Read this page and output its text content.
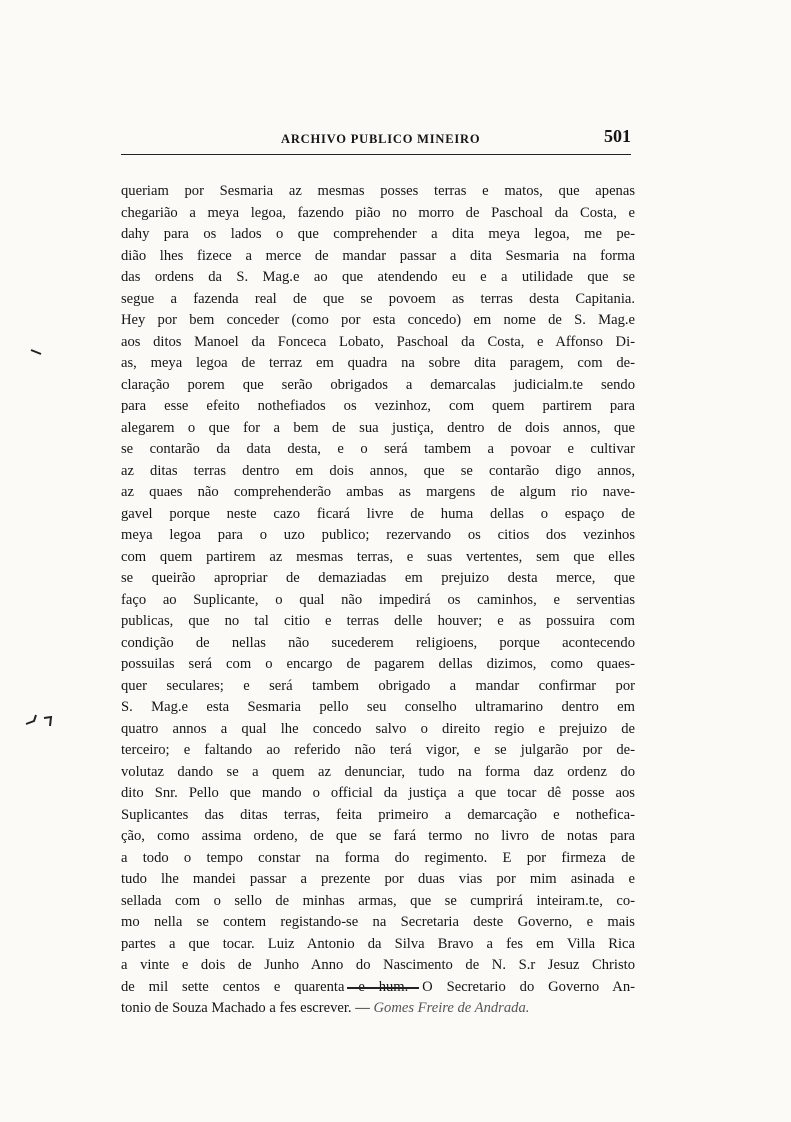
ARCHIVO PUBLICO MINEIRO	501
queriam por Sesmaria az mesmas posses terras e matos, que apenas
chegarião a meya legoa, fazendo pião no morro de Paschoal da Costa, e
dahy para os lados o que comprehender a dita meya legoa, me pe-
dião lhes fizece a merce de mandar passar a dita Sesmaria na forma
das ordens da S. Mag.e ao que atendendo eu e a utilidade que se
segue a fazenda real de que se povoem as terras desta Capitania.
Hey por bem conceder (como por esta concedo) em nome de S. Mag.e
aos ditos Manoel da Fonceca Lobato, Paschoal da Costa, e Affonso Di-
as, meya legoa de terraz em quadra na sobre dita paragem, com de-
claração porem que serão obrigados a demarcalas judicialm.te sendo
para esse efeito nothefiados os vezinhoz, com quem partirem para
alegarem o que for a bem de sua justiça, dentro de dois annos, que
se contarão da data desta, e o será tambem a povoar e cultivar
az ditas terras dentro em dois annos, que se contarão digo annos,
az quaes não comprehenderão ambas as margens de algum rio nave-
gavel porque neste cazo ficará livre de huma dellas o espaço de
meya legoa para o uzo publico; rezervando os citios dos vezinhos
com quem partirem az mesmas terras, e suas vertentes, sem que elles
se queirão apropriar de demaziadas em prejuizo desta merce, que
faço ao Suplicante, o qual não impedirá os caminhos, e serventias
publicas, que no tal citio e terras delle houver; e as possuira com
condição de nellas não sucederem religioens, porque acontecendo
possuilas será com o encargo de pagarem dellas dizimos, como quaes-
quer seculares; e será tambem obrigado a mandar confirmar por
S. Mag.e esta Sesmaria pello seu conselho ultramarino dentro em
quatro annos a qual lhe concedo salvo o direito regio e prejuizo de
terceiro; e faltando ao referido não terá vigor, e se julgarão por de-
volutaz dando se a quem az denunciar, tudo na forma daz ordenz do
dito Snr. Pello que mando o official da justiça a que tocar dê posse aos
Suplicantes das ditas terras, feita primeiro a demarcação e nothefica-
ção, como assima ordeno, de que se fará termo no livro de notas para
a todo o tempo constar na forma do regimento. E por firmeza de
tudo lhe mandei passar a prezente por duas vias por mim asinada e
sellada com o sello de minhas armas, que se cumprirá inteiram.te, co-
mo nella se contem registando-se na Secretaria deste Governo, e mais
partes a que tocar. Luiz Antonio da Silva Bravo a fes em Villa Rica
a vinte e dois de Junho Anno do Nascimento de N. S.r Jesuz Christo
de mil sette centos e quarenta e hum. O Secretario do Governo An-
tonio de Souza Machado a fes escrever. — Gomes Freire de Andrada.
